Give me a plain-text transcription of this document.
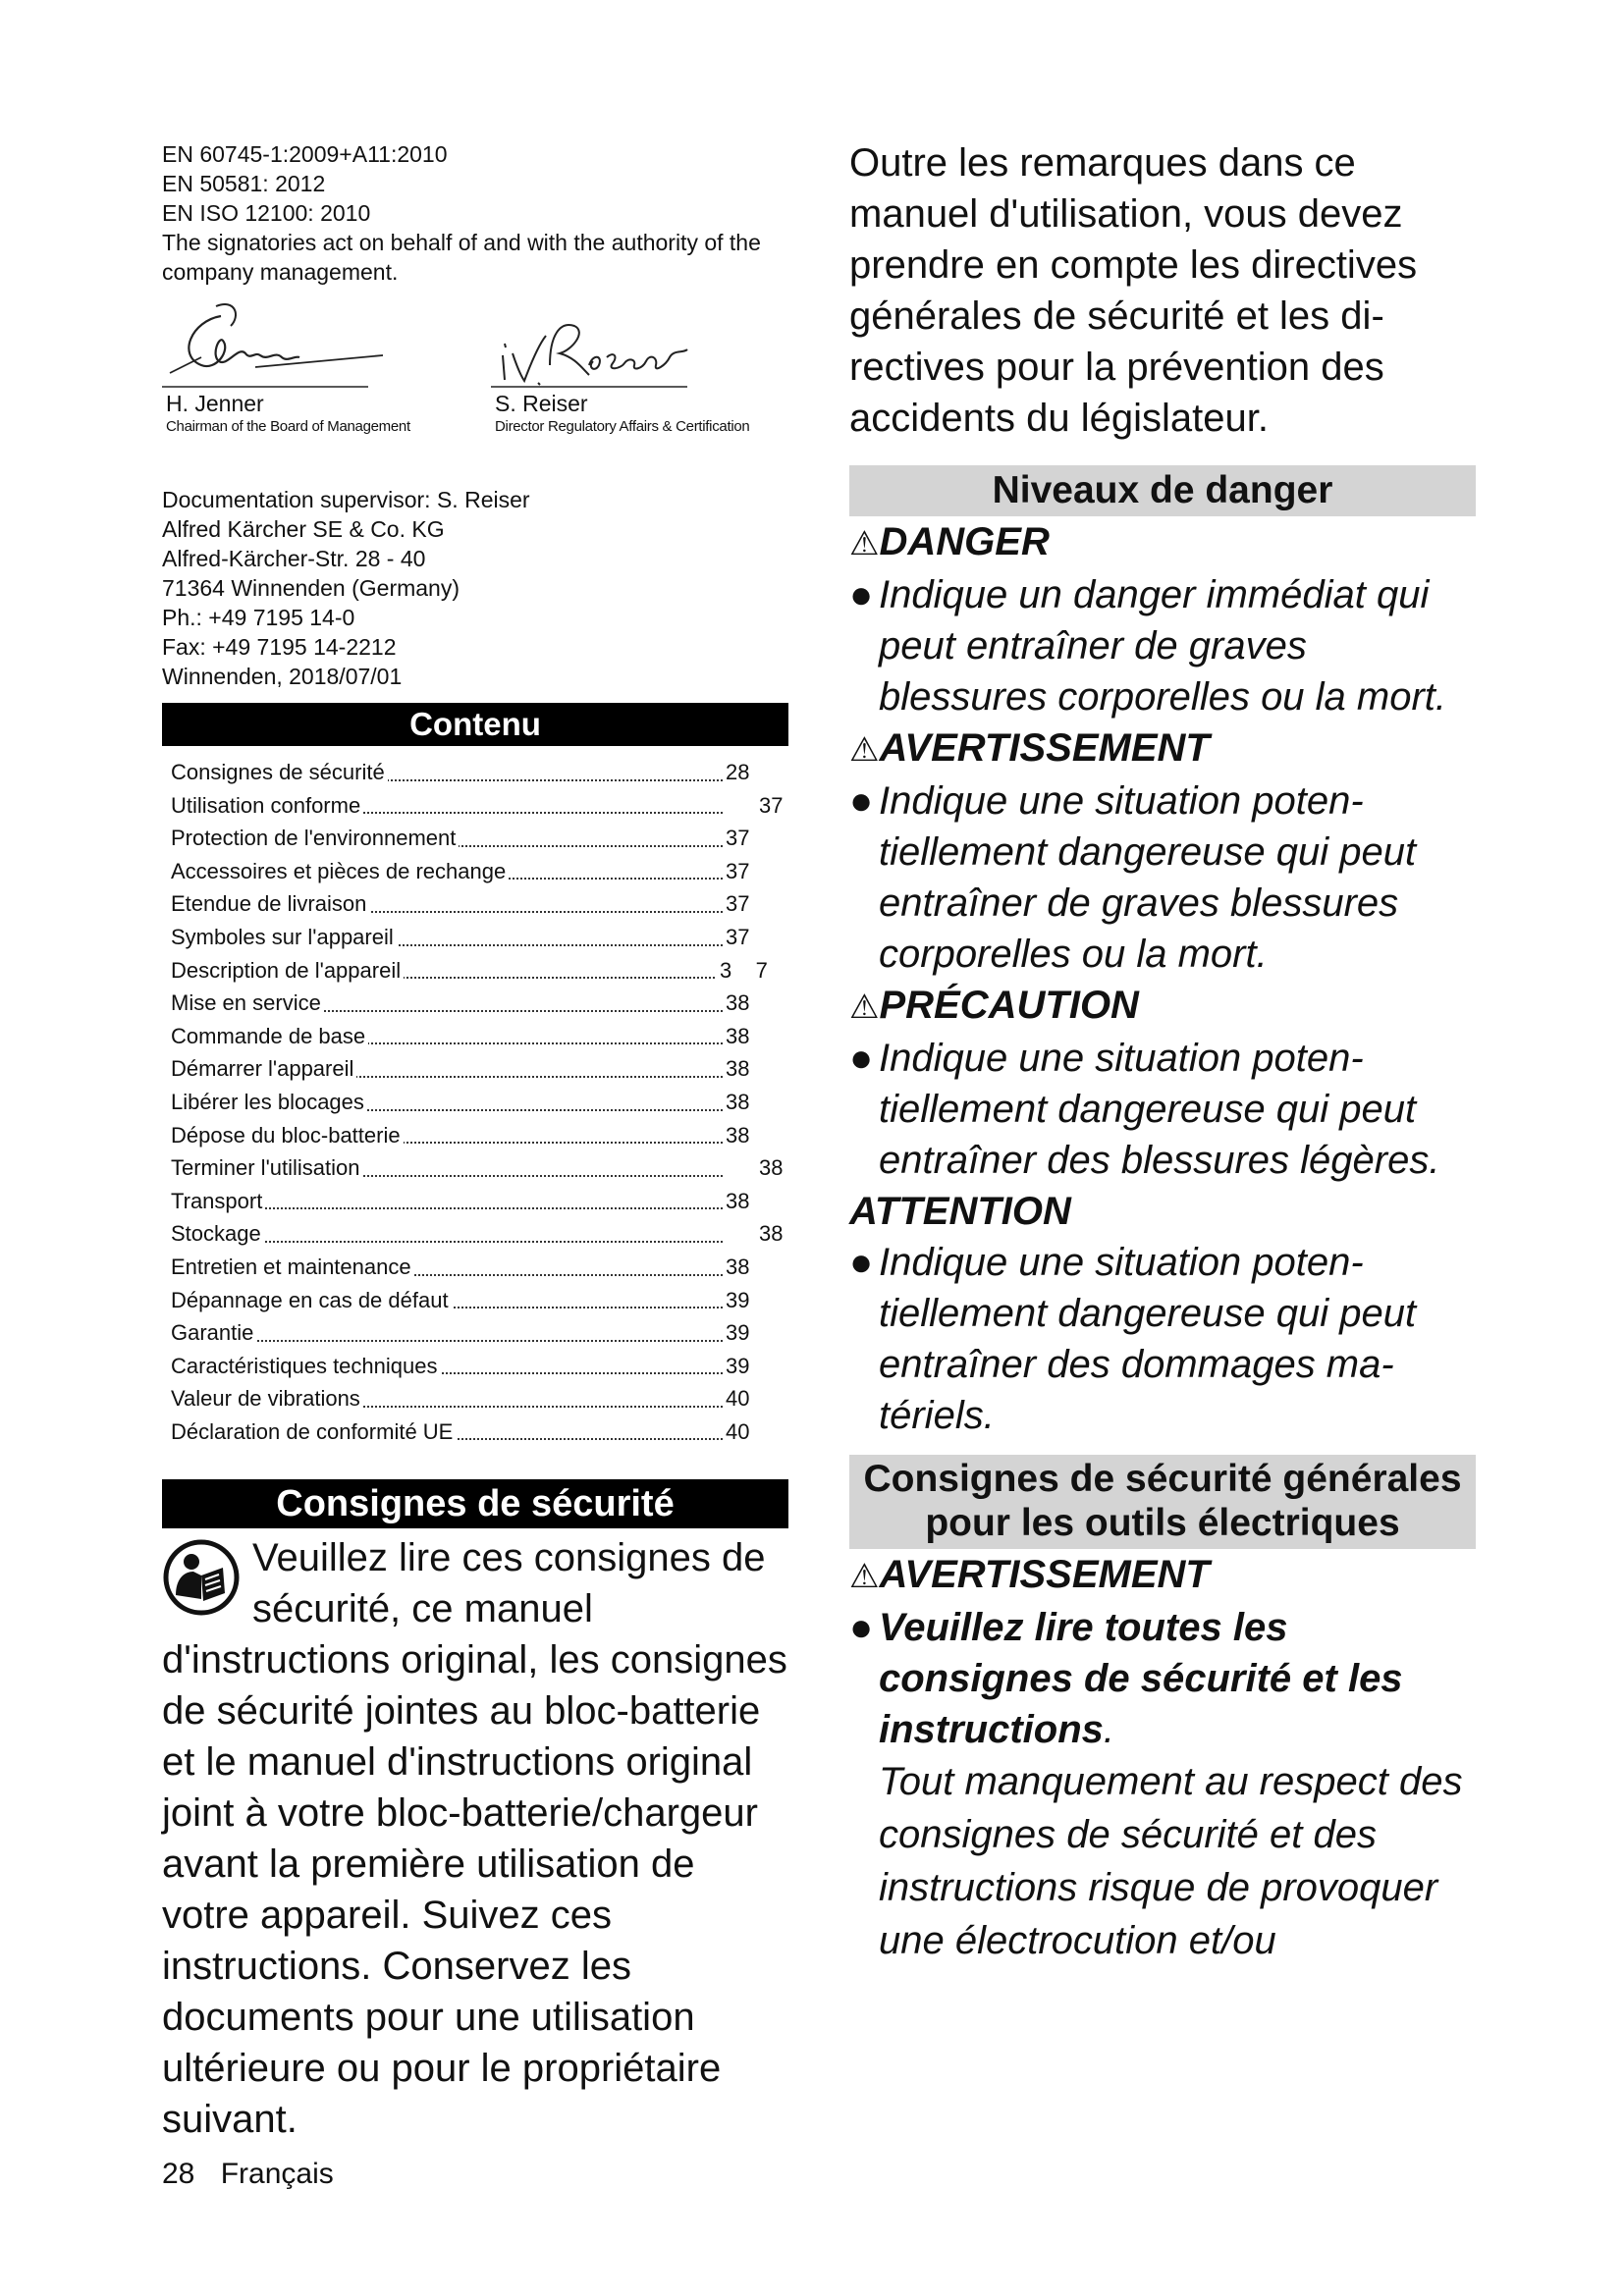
EN 60745-1:2009+A11:2010
EN 50581: 2012
EN ISO 12100: 2010
The signatories act on behalf of and with the authority of the company management.
H. Jenner
Chairman of the Board of Management
S. Reiser
Director Regulatory Affairs & Certification
Documentation supervisor: S. Reiser
Alfred Kärcher SE & Co. KG
Alfred-Kärcher-Str. 28 - 40
71364 Winnenden (Germany)
Ph.: +49 7195 14-0
Fax: +49 7195 14-2212
Winnenden, 2018/07/01
Contenu
Consignes de sécurité	28
Utilisation conforme	37
Protection de l'environnement	37
Accessoires et pièces de rechange	37
Etendue de livraison	37
Symboles sur l'appareil	37
Description de l'appareil	3    7
Mise en service	38
Commande de base	38
Démarrer l'appareil	38
Libérer les blocages	38
Dépose du bloc-batterie	38
Terminer l'utilisation	38
Transport	38
Stockage	38
Entretien et maintenance	38
Dépannage en cas de défaut	39
Garantie	39
Caractéristiques techniques	39
Valeur de vibrations	40
Déclaration de conformité UE	40
Consignes de sécurité
Veuillez lire ces consignes de sécurité, ce manuel d'instructions original, les consignes de sécurité jointes au bloc-batterie et le manuel d'instructions original joint à votre bloc-batterie/chargeur avant la première utilisation de votre appareil. Suivez ces instructions. Conservez les documents pour une utilisation ultérieure ou pour le propriétaire suivant.
28 Français
Outre les remarques dans ce manuel d'utilisation, vous devez prendre en compte les directives générales de sécurité et les directives pour la prévention des accidents du législateur.
Niveaux de danger
⚠DANGER
● Indique un danger immédiat qui peut entraîner de graves blessures corporelles ou la mort.
⚠AVERTISSEMENT
● Indique une situation potentiellement dangereuse qui peut entraîner de graves blessures corporelles ou la mort.
⚠PRÉCAUTION
● Indique une situation potentiellement dangereuse qui peut entraîner des blessures légères.
ATTENTION
● Indique une situation potentiellement dangereuse qui peut entraîner des dommages matériels.
Consignes de sécurité générales pour les outils électriques
⚠AVERTISSEMENT
● Veuillez lire toutes les consignes de sécurité et les instructions.
Tout manquement au respect des consignes de sécurité et des instructions risque de provoquer une électrocution et/ou
